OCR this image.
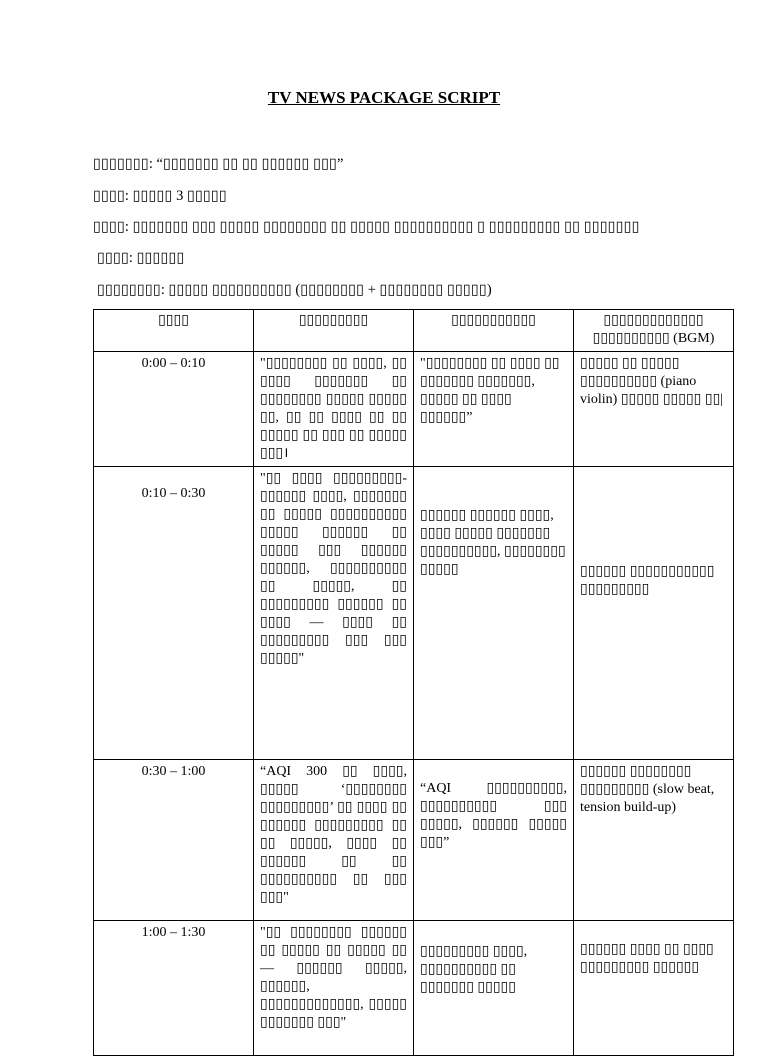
TV NEWS PACKAGE SCRIPT
▯▯▯▯▯▯▯: “▯▯▯▯▯▯▯ ▯▯ ▯▯ ▯▯▯▯▯▯ ▯▯▯”
▯▯▯▯: ▯▯▯▯▯ 3 ▯▯▯▯▯
▯▯▯▯: ▯▯▯▯▯▯▯ ▯▯▯ ▯▯▯▯▯ ▯▯▯▯▯▯▯▯ ▯▯ ▯▯▯▯▯ ▯▯▯▯▯▯▯▯▯▯ ▯ ▯▯▯▯▯▯▯▯▯ ▯▯ ▯▯▯▯▯▯▯
▯▯▯▯: ▯▯▯▯▯▯
▯▯▯▯▯▯▯▯: ▯▯▯▯▯ ▯▯▯▯▯▯▯▯▯▯ (▯▯▯▯▯▯▯▯ + ▯▯▯▯▯▯▯▯ ▯▯▯▯▯)
▯▯▯▯	▯▯▯▯▯▯▯▯▯	▯▯▯▯▯▯▯▯▯▯▯	▯▯▯▯▯▯▯▯▯▯▯▯▯ ▯▯▯▯▯▯▯▯▯▯ (BGM)
0:00 – 0:10	"▯▯▯▯▯▯▯▯ ▯▯ ▯▯▯▯, ▯▯ ▯▯▯▯ ▯▯▯▯▯▯▯ ▯▯ ▯▯▯▯▯▯▯▯ ▯▯▯▯▯ ▯▯▯▯▯ ▯▯, ▯▯ ▯▯ ▯▯▯▯ ▯▯ ▯▯ ▯▯▯▯▯ ▯▯ ▯▯▯ ▯▯ ▯▯▯▯▯ ▯▯▯।	"▯▯▯▯▯▯▯▯ ▯▯ ▯▯▯▯ ▯▯ ▯▯▯▯▯▯▯ ▯▯▯▯▯▯▯, ▯▯▯▯▯ ▯▯ ▯▯▯▯ ▯▯▯▯▯▯”	▯▯▯▯▯ ▯▯ ▯▯▯▯▯ ▯▯▯▯▯▯▯▯▯▯ (piano violin) ▯▯▯▯▯ ▯▯▯▯▯ ▯▯|
0:10 – 0:30	"▯▯ ▯▯▯▯ ▯▯▯▯▯▯▯▯▯-▯▯▯▯▯▯ ▯▯▯▯, ▯▯▯▯▯▯▯ ▯▯ ▯▯▯▯▯ ▯▯▯▯▯▯▯▯▯▯ ▯▯▯▯▯ ▯▯▯▯▯▯ ▯▯ ▯▯▯▯▯ ▯▯▯ ▯▯▯▯▯▯ ▯▯▯▯▯▯, ▯▯▯▯▯▯▯▯▯▯ ▯▯ ▯▯▯▯▯, ▯▯ ▯▯▯▯▯▯▯▯▯ ▯▯▯▯▯▯ ▯▯ ▯▯▯▯ — ▯▯▯▯ ▯▯ ▯▯▯▯▯▯▯▯▯ ▯▯▯ ▯▯▯ ▯▯▯▯▯"	▯▯▯▯▯▯ ▯▯▯▯▯▯ ▯▯▯▯, ▯▯▯▯ ▯▯▯▯▯ ▯▯▯▯▯▯▯ ▯▯▯▯▯▯▯▯▯▯, ▯▯▯▯▯▯▯▯ ▯▯▯▯▯	▯▯▯▯▯▯ ▯▯▯▯▯▯▯▯▯▯▯ ▯▯▯▯▯▯▯▯▯
0:30 – 1:00	“AQI 300 ▯▯ ▯▯▯▯, ▯▯▯▯▯ ‘▯▯▯▯▯▯▯▯ ▯▯▯▯▯▯▯▯▯’ ▯▯ ▯▯▯▯ ▯▯ ▯▯▯▯▯▯ ▯▯▯▯▯▯▯▯▯ ▯▯ ▯▯ ▯▯▯▯▯, ▯▯▯▯ ▯▯ ▯▯▯▯▯▯ ▯▯ ▯▯ ▯▯▯▯▯▯▯▯▯▯ ▯▯ ▯▯▯ ▯▯▯"	“AQI ▯▯▯▯▯▯▯▯▯▯, ▯▯▯▯▯▯▯▯▯▯ ▯▯▯ ▯▯▯▯▯, ▯▯▯▯▯▯ ▯▯▯▯▯ ▯▯▯”	▯▯▯▯▯▯ ▯▯▯▯▯▯▯▯ ▯▯▯▯▯▯▯▯▯ (slow beat, tension build-up)
1:00 – 1:30	"▯▯ ▯▯▯▯▯▯▯▯ ▯▯▯▯▯▯ ▯▯ ▯▯▯▯▯ ▯▯ ▯▯▯▯▯ ▯▯ — ▯▯▯▯▯▯ ▯▯▯▯▯, ▯▯▯▯▯▯, ▯▯▯▯▯▯▯▯▯▯▯▯▯, ▯▯▯▯▯ ▯▯▯▯▯▯▯ ▯▯▯"	▯▯▯▯▯▯▯▯▯ ▯▯▯▯, ▯▯▯▯▯▯▯▯▯▯ ▯▯ ▯▯▯▯▯▯▯ ▯▯▯▯▯	▯▯▯▯▯▯ ▯▯▯▯ ▯▯ ▯▯▯▯ ▯▯▯▯▯▯▯▯▯ ▯▯▯▯▯▯
